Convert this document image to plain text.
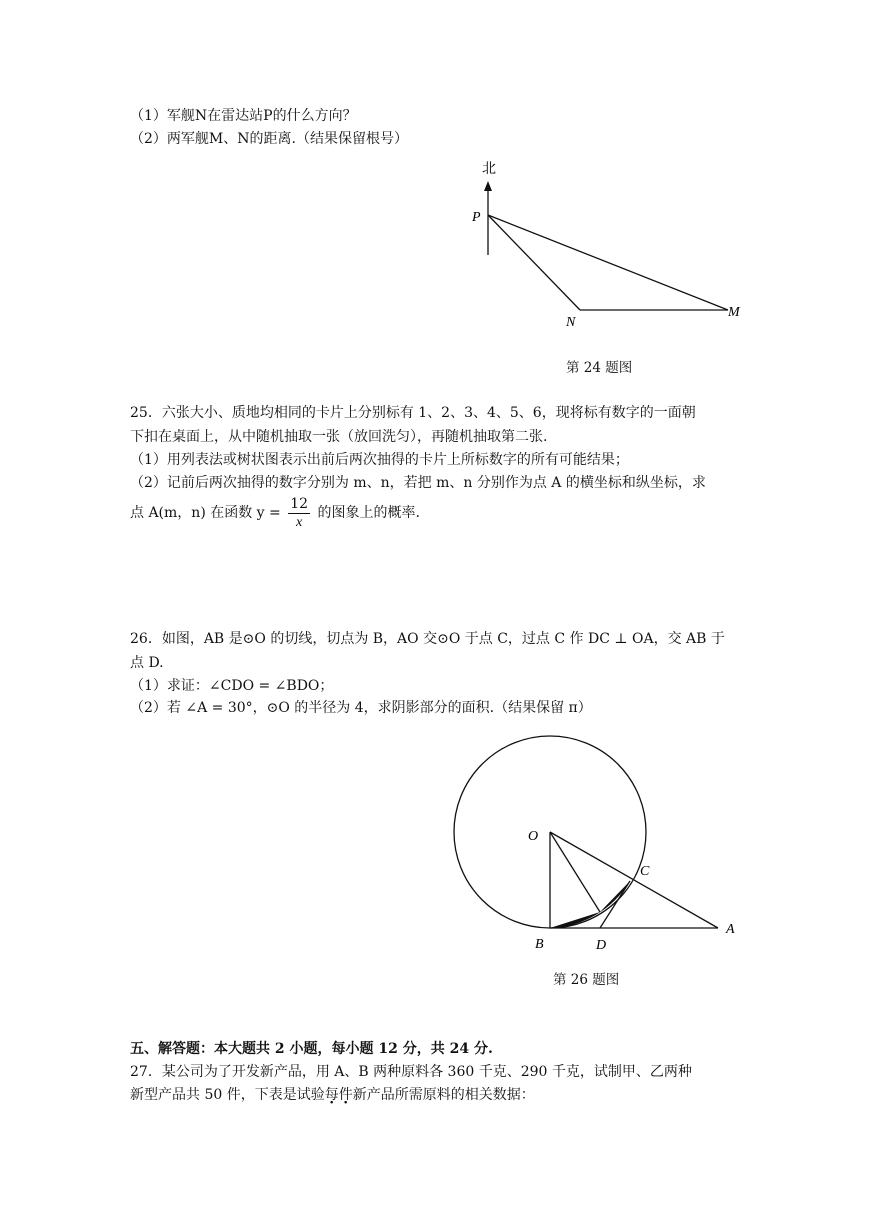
（1）军舰N在雷达站P的什么方向？
（2）两军舰M、N的距离.（结果保留根号）
北
P
N
M
第 24 题图
25．六张大小、质地均相同的卡片上分别标有 1、2、3、4、5、6，现将标有数字的一面朝
下扣在桌面上，从中随机抽取一张（放回洗匀），再随机抽取第二张.
（1）用列表法或树状图表示出前后两次抽得的卡片上所标数字的所有可能结果；
（2）记前后两次抽得的数字分别为 m、n，若把 m、n 分别作为点 A 的横坐标和纵坐标，求
点 A(m，n) 在函数 $y = \frac{12}{x}$ 的图象上的概率.
26．如图，AB 是⊙O 的切线，切点为 B，AO 交⊙O 于点 C，过点 C 作 DC ⊥ OA，交 AB 于
点 D.
（1）求证：∠CDO = ∠BDO；
（2）若 ∠A = 30°，⊙O 的半径为 4，求阴影部分的面积.（结果保留 π）
O
C
B	D
A
第 26 题图
五、解答题：本大题共 2 小题，每小题 12 分，共 24 分.
27．某公司为了开发新产品，用 A、B 两种原料各 360 千克、290 千克，试制甲、乙两种
新型产品共 50 件，下表是试验每件新产品所需原料的相关数据：
